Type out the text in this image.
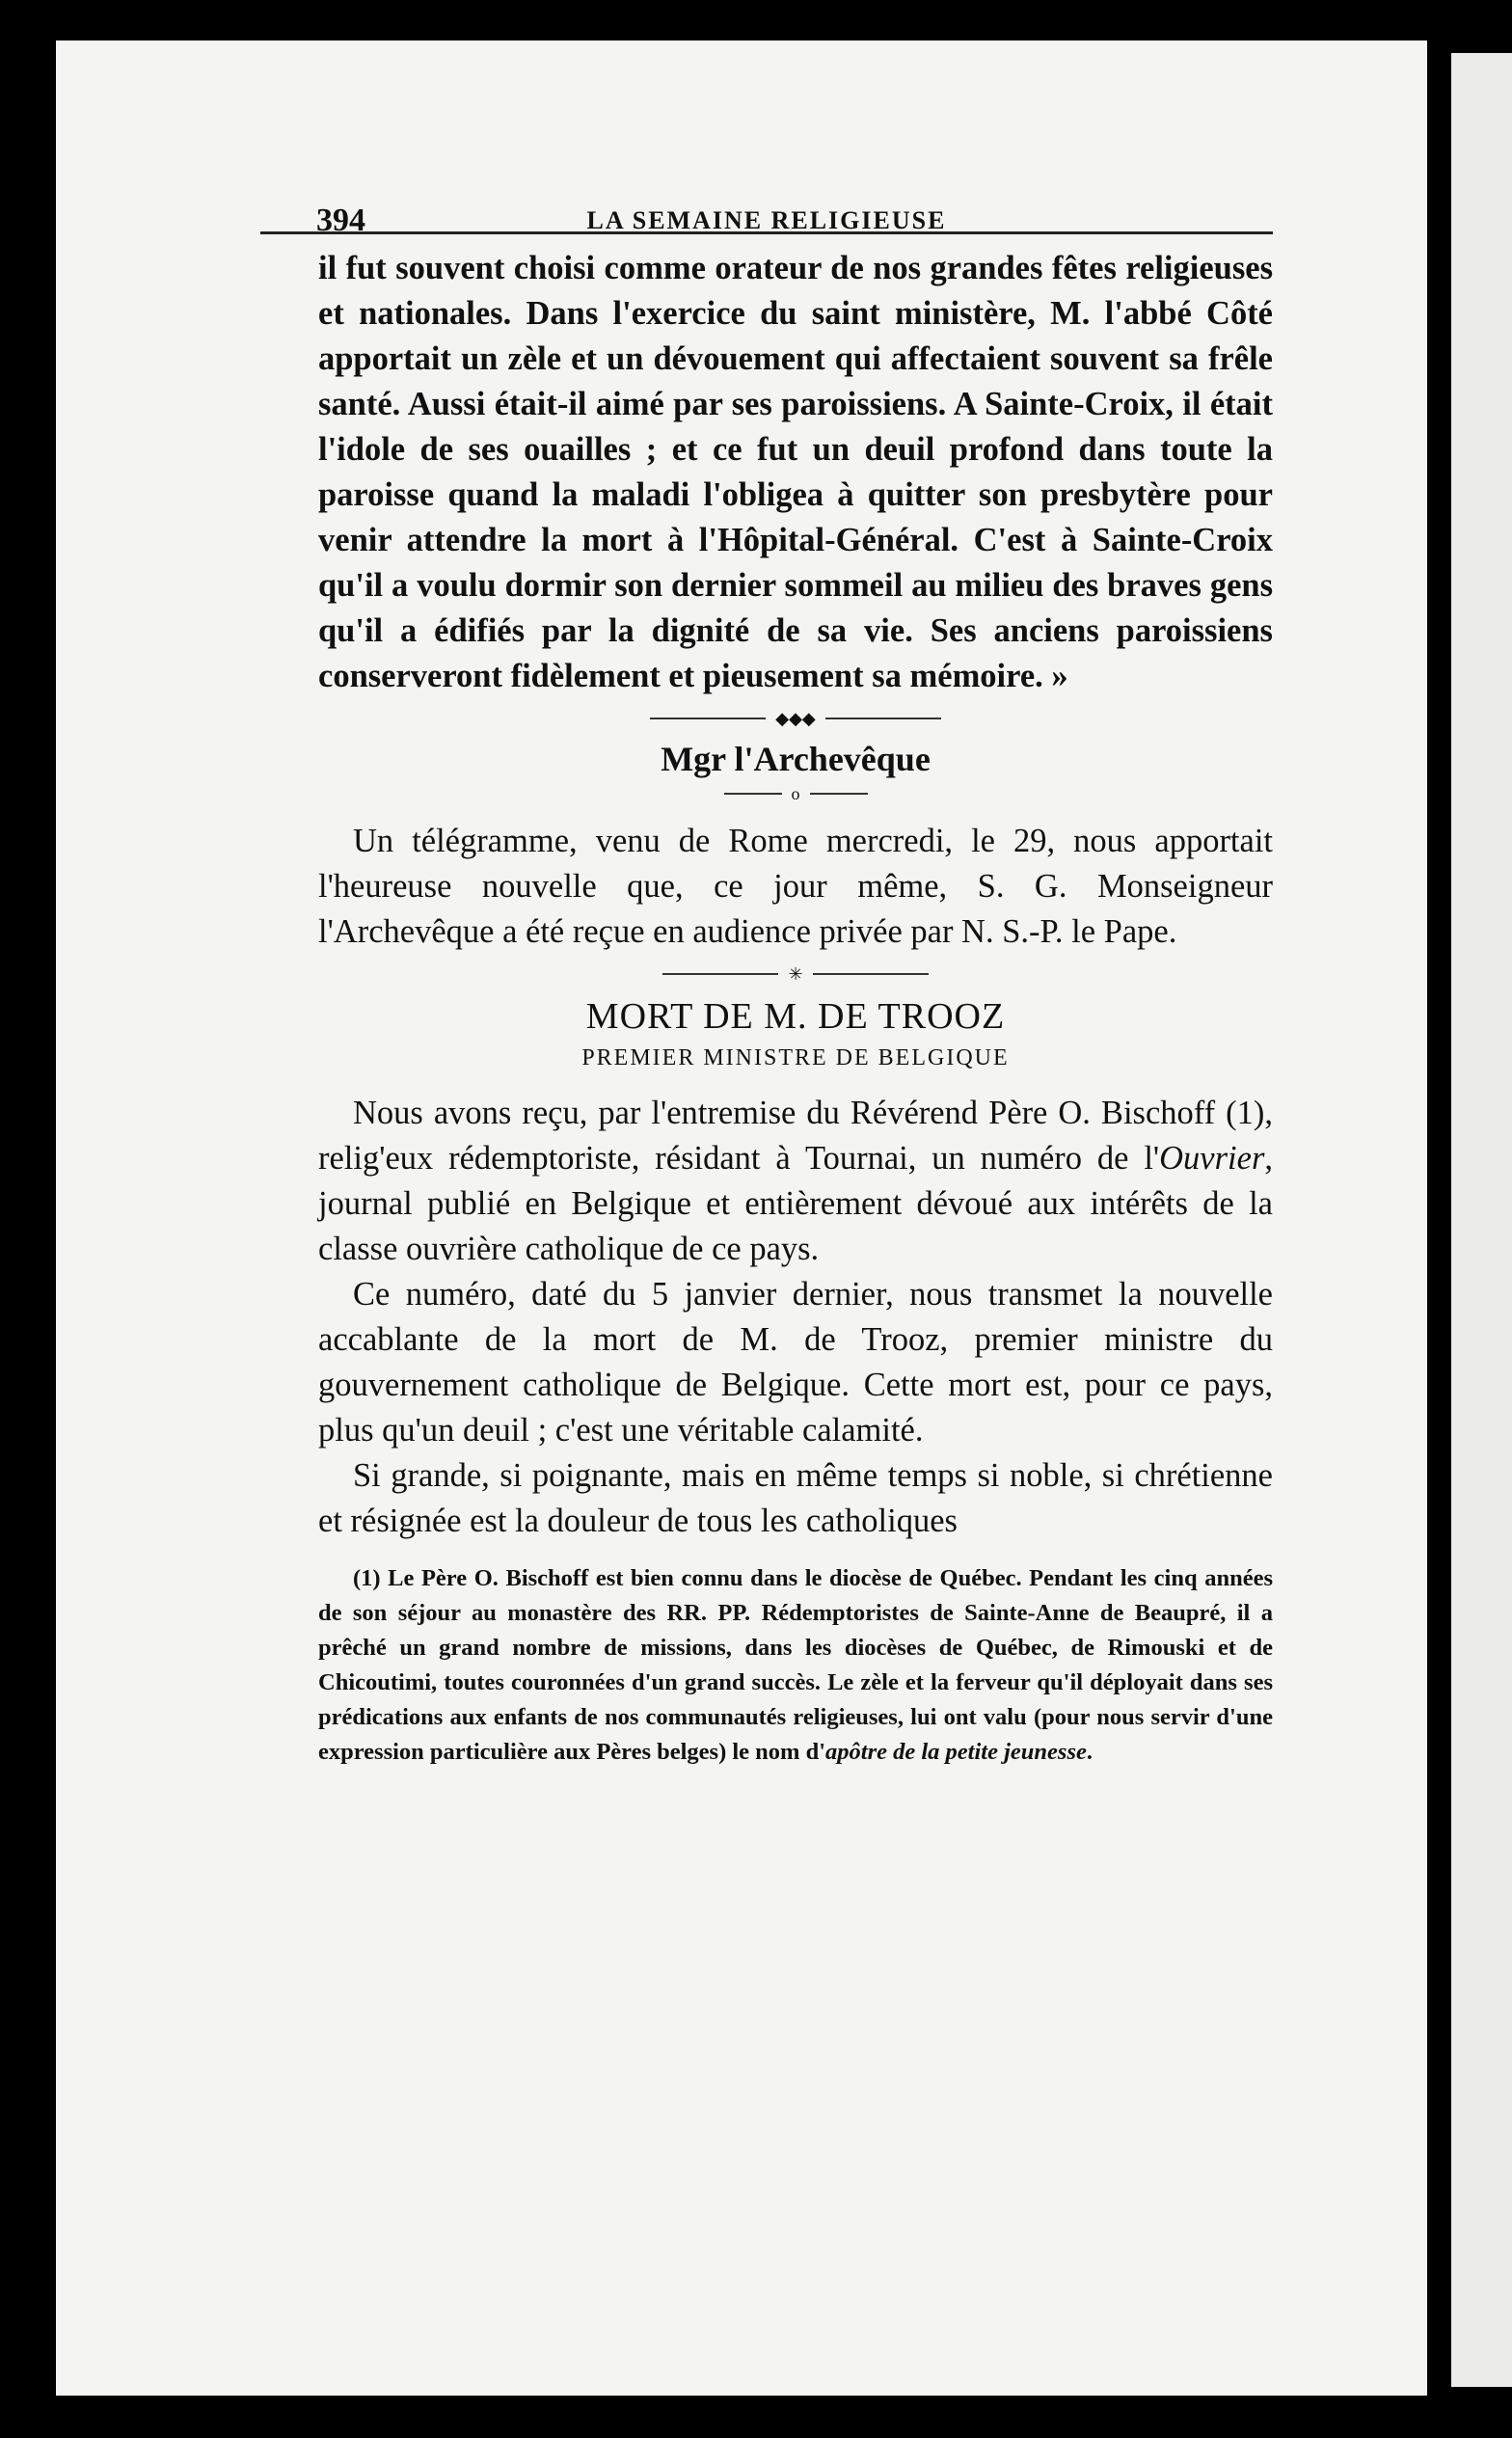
394	LA SEMAINE RELIGIEUSE

il fut souvent choisi comme orateur de nos grandes fêtes religieuses et nationales. Dans l'exercice du saint ministère, M. l'abbé Côté apportait un zèle et un dévouement qui affectaient souvent sa frêle santé. Aussi était-il aimé par ses paroissiens. A Sainte-Croix, il était l'idole de ses ouailles ; et ce fut un deuil profond dans toute la paroisse quand la maladi l'obligea à quitter son presbytère pour venir attendre la mort à l'Hôpital-Général. C'est à Sainte-Croix qu'il a voulu dormir son dernier sommeil au milieu des braves gens qu'il a édifiés par la dignité de sa vie. Ses anciens paroissiens conserveront fidèlement et pieusement sa mémoire. »

◆◆◆
Mgr l'Archevêque
o

Un télégramme, venu de Rome mercredi, le 29, nous apportait l'heureuse nouvelle que, ce jour même, S. G. Monseigneur l'Archevêque a été reçue en audience privée par N. S.-P. le Pape.

✳
MORT DE M. DE TROOZ
PREMIER MINISTRE DE BELGIQUE

Nous avons reçu, par l'entremise du Révérend Père O. Bischoff (1), relig'eux rédemptoriste, résidant à Tournai, un numéro de l'Ouvrier, journal publié en Belgique et entièrement dévoué aux intérêts de la classe ouvrière catholique de ce pays.

Ce numéro, daté du 5 janvier dernier, nous transmet la nouvelle accablante de la mort de M. de Trooz, premier ministre du gouvernement catholique de Belgique. Cette mort est, pour ce pays, plus qu'un deuil ; c'est une véritable calamité.

Si grande, si poignante, mais en même temps si noble, si chrétienne et résignée est la douleur de tous les catholiques

(1) Le Père O. Bischoff est bien connu dans le diocèse de Québec. Pendant les cinq années de son séjour au monastère des RR. PP. Rédemptoristes de Sainte-Anne de Beaupré, il a prêché un grand nombre de missions, dans les diocèses de Québec, de Rimouski et de Chicoutimi, toutes couronnées d'un grand succès. Le zèle et la ferveur qu'il déployait dans ses prédications aux enfants de nos communautés religieuses, lui ont valu (pour nous servir d'une expression particulière aux Pères belges) le nom d'apôtre de la petite jeunesse.
